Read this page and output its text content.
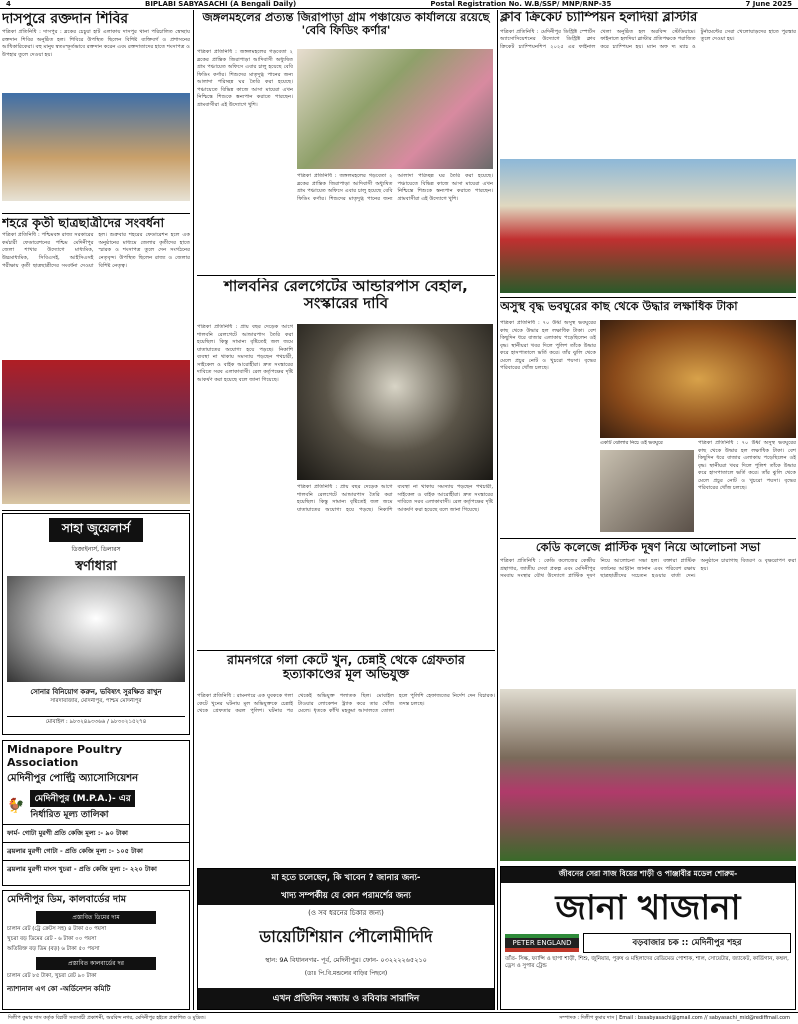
4	BIPLABI SABYASACHI (A Bengali Daily)	Postal Registration No. W.B/SSP/ MNP/RNP-35	7 June 2025
দাসপুরে রক্তদান শিবির
পত্রিকা প্রতিনিধি : দাসপুর : ব্লকের চেচুয়া হাট এলাকায় দাসপুর থানা পরিচালিত স্বেচ্ছায় রক্তদান শিবির অনুষ্ঠিত হল। শিবিরে উপস্থিত ছিলেন বিশিষ্ট ব্যক্তিবর্গ ও প্রশাসনের আধিকারিকেরা। বহু মানুষ স্বতঃস্ফূর্তভাবে রক্তদান করেন এবং রক্তদাতাদের হাতে শংসাপত্র ও উপহার তুলে দেওয়া হয়।
শহরে কৃতী ছাত্রছাত্রীদের সংবর্ধনা
পত্রিকা প্রতিনিধি : পশ্চিমবঙ্গ রাজ্য সরকারের কর্মচারী ফেডারেশনের পশ্চিম মেদিনীপুর জেলা শাখার উদ্যোগে মাধ্যমিক, উচ্চমাধ্যমিক, সিবিএসই, আইসিএসই পরীক্ষায় কৃতী ছাত্রছাত্রীদের সংবর্ধনা দেওয়া হল। শুক্রবার শহরের ফেডারেশন হলে এক অনুষ্ঠানের মাধ্যমে জেলার কৃতীদের হাতে স্মারক ও শংসাপত্র তুলে দেন সংগঠনের নেতৃবৃন্দ। উপস্থিত ছিলেন রাজ্য ও জেলার বিশিষ্ট নেতৃত্ব।
সাহা জুয়েলার্স
ডিজাইনার্স, ডিলারস
স্বর্ণাধারা
সোনার বিনিয়োগ করুন, ভবিষ্যৎ সুরক্ষিত রাখুন
সারদাবাজার, মেদিনীপুর, পশ্চিম মেদিনীপুর
মোবাইল : ৯৮৩২৪৯৩৩৬৬ / ৯৮৩০২১৫২৭৪
Midnapore Poultry Association
মেদিনীপুর পোল্ট্রি অ্যাসোসিয়েশন
🐓	মেদিনীপুর (M.P.A.)- এর
নির্ধারিত মূল্য তালিকা
ফার্ম- গোটা মুরগী প্রতি কেজি মূল্য :- ৯০ টাকা
ব্রয়লার মুরগী গোটা - প্রতি কেজি মূল্য :- ১০৫ টাকা
ব্রয়লার মুরগী মাংস খুচরা - প্রতি কেজি মূল্য :- ২২০ টাকা
মেদিনীপুর ডিম, কালবার্ডের দাম
প্রস্তাবিত ডিমের দাম
চালান রেট (ট্রে ক্রেটস সহ) ৪ টাকা ৫০ পয়সা
খুচরা বড় ডিমের রেট - ৬ টাকা ০০ পয়সা
অতিরিক্ত বড় ডিম (বড়) ৬ টাকা ৫০ পয়সা
প্রস্তাবিত কালবার্ডের দর
চালান রেট ৮৫ টাকা, খুচরা রেট ৯০ টাকা
ন্যাশানাল এগ কো -অর্ডিনেশন কমিটি
জঙ্গলমহলের প্রত্যন্ত জিরাপাড়া গ্রাম পঞ্চায়েত কার্যালয়ে রয়েছে 'বেবি ফিডিং কর্ণার'
পত্রিকা প্রতিনিধি : জঙ্গলমহলের গড়বেতা ২ ব্লকের প্রান্তিক জিরাপাড়া আদিবাসী অধ্যুষিত গ্রাম পঞ্চায়েত অফিসে এবার চালু হয়েছে বেবি ফিডিং কর্ণার। শিশুদের মাতৃদুগ্ধ পানের জন্য আলাদা পরিচ্ছন্ন ঘর তৈরি করা হয়েছে। পঞ্চায়েতে বিভিন্ন কাজে আসা মায়েরা এখন নিশ্চিন্তে শিশুকে স্তন্যপান করাতে পারছেন। গ্রামবাসীরা এই উদ্যোগে খুশি।
পত্রিকা প্রতিনিধি : জঙ্গলমহলের গড়বেতা ২ ব্লকের প্রান্তিক জিরাপাড়া আদিবাসী অধ্যুষিত গ্রাম পঞ্চায়েত অফিসে এবার চালু হয়েছে বেবি ফিডিং কর্ণার। শিশুদের মাতৃদুগ্ধ পানের জন্য আলাদা পরিচ্ছন্ন ঘর তৈরি করা হয়েছে। পঞ্চায়েতে বিভিন্ন কাজে আসা মায়েরা এখন নিশ্চিন্তে শিশুকে স্তন্যপান করাতে পারছেন। গ্রামবাসীরা এই উদ্যোগে খুশি।
শালবনির রেলগেটের আন্ডারপাস বেহাল, সংস্কারের দাবি
পত্রিকা প্রতিনিধি : প্রায় বছর দেড়েক আগে শালবনি রেলগেটে আন্ডারপাস তৈরি করা হয়েছিল। কিন্তু সামান্য বৃষ্টিতেই জল জমে যাতায়াতের অযোগ্য হয়ে পড়ছে। নিকাশি ব্যবস্থা না থাকায় সমস্যায় পড়ছেন পথচারী, সাইকেল ও বাইক আরোহীরা। দ্রুত সংস্কারের দাবিতে সরব এলাকাবাসী। রেল কর্তৃপক্ষের দৃষ্টি আকর্ষণ করা হয়েছে বলে জানা গিয়েছে।
পত্রিকা প্রতিনিধি : প্রায় বছর দেড়েক আগে শালবনি রেলগেটে আন্ডারপাস তৈরি করা হয়েছিল। কিন্তু সামান্য বৃষ্টিতেই জল জমে যাতায়াতের অযোগ্য হয়ে পড়ছে। নিকাশি ব্যবস্থা না থাকায় সমস্যায় পড়ছেন পথচারী, সাইকেল ও বাইক আরোহীরা। দ্রুত সংস্কারের দাবিতে সরব এলাকাবাসী। রেল কর্তৃপক্ষের দৃষ্টি আকর্ষণ করা হয়েছে বলে জানা গিয়েছে।
রামনগরে গলা কেটে খুন, চেন্নাই থেকে গ্রেফতার হত্যাকাণ্ডের মূল অভিযুক্ত
পত্রিকা প্রতিনিধি : রামনগরে এক যুবককে গলা কেটে খুনের ঘটনায় মূল অভিযুক্তকে চেন্নাই থেকে গ্রেফতার করল পুলিশ। ঘটনার পর থেকেই অভিযুক্ত পলাতক ছিল। মোবাইল টাওয়ার লোকেশন ট্র্যাক করে তার খোঁজ মেলে। ধৃতকে কাঁথি মহকুমা আদালতে তোলা হলে পুলিশি হেফাজতের নির্দেশ দেন বিচারক। তদন্ত চলছে।
মা হতে চলেছেন, কি খাবেন ? জানার জন্য-
খাদ্য সম্পর্কীয় যে কোন পরামর্শের জন্য
(ও সব ধরনের চিকার জন্য)
ডায়েটিশিয়ান পৌলোমীদিদি
স্থান: 9A বিধাননগর- পূর্ব, মেদিনীপুর। ফোন- ০৩২২২২৬৫২১০
(ডাঃ পি.বি.মন্ডলের বাড়ির পিছনে)
এখন প্রতিদিন সন্ধ্যায় ও রবিবার সারাদিন
ক্লাব ক্রিকেট চ্যাম্পিয়ন হলদিয়া ব্লাস্টার
পত্রিকা প্রতিনিধি : মেদিনীপুর ডিস্ট্রিক্ট স্পোর্টস অ্যাসোসিয়েশনের উদ্যোগে ডিস্ট্রিক্ট ক্লাব ক্রিকেট চ্যাম্পিয়নশিপ ২০২৫ এর ফাইনাল খেলা অনুষ্ঠিত হল অরবিন্দ স্টেডিয়ামে। ফাইনালে হলদিয়া ব্লাস্টার প্রতিপক্ষকে পরাজিত করে চ্যাম্পিয়ন হয়। ম্যান অফ দ্য ম্যাচ ও টুর্নামেন্টের সেরা খেলোয়াড়দের হাতে পুরস্কার তুলে দেওয়া হয়।
অসুস্থ বৃদ্ধ ভবঘুরের কাছ থেকে উদ্ধার লক্ষাধিক টাকা
পত্রিকা প্রতিনিধি : ৭০ উর্ধ্ব অসুস্থ ভবঘুরের কাছ থেকে উদ্ধার হল লক্ষাধিক টাকা। বেশ কিছুদিন ধরে বাজার এলাকায় পড়েছিলেন ওই বৃদ্ধ। স্থানীয়রা খবর দিলে পুলিশ তাঁকে উদ্ধার করে হাসপাতালে ভর্তি করে। তাঁর ঝুলি থেকে মেলে প্রচুর নোট ও খুচরো পয়সা। বৃদ্ধের পরিবারের খোঁজ চলছে।
একটি ঝোলার নিচে ওই ভবঘুরে	পত্রিকা প্রতিনিধি : ৭০ উর্ধ্ব অসুস্থ ভবঘুরের কাছ থেকে উদ্ধার হল লক্ষাধিক টাকা। বেশ কিছুদিন ধরে বাজার এলাকায় পড়েছিলেন ওই বৃদ্ধ। স্থানীয়রা খবর দিলে পুলিশ তাঁকে উদ্ধার করে হাসপাতালে ভর্তি করে। তাঁর ঝুলি থেকে মেলে প্রচুর নোট ও খুচরো পয়সা। বৃদ্ধের পরিবারের খোঁজ চলছে।
কেডি কলেজে প্লাস্টিক দূষণ নিয়ে আলোচনা সভা
পত্রিকা প্রতিনিধি : কেডি কলেজের কেন্দ্রীয় গ্রন্থাগার, জাতীয় সেবা প্রকল্প এবং মেদিনীপুর সমবায় সংস্থার যৌথ উদ্যোগে প্লাস্টিক দূষণ নিয়ে আলোচনা সভা হল। বক্তারা প্লাস্টিক বর্জনের আহ্বান জানান এবং পরিবেশ রক্ষায় ছাত্রছাত্রীদের সচেতন হওয়ার বার্তা দেন। অনুষ্ঠানে চারাগাছ বিতরণ ও বৃক্ষরোপণ করা হয়।
জীবনের সেরা সাজ বিয়ের শাড়ী ও পাঞ্জাবীর মডেল শোরুম-
জানা খাজানা
PETER ENGLAND	বড়বাজার চক :: মেদিনীপুর শহর
তাঁত- সিল্ক, ফ্যান্সি ও ছাপা শাড়ী, শিশু, জুনিয়ার, পুরুষ ও মহিলাদের রেডিমেড পোশাক, শাল, সোয়েটার, জ্যাকেট, কার্ডিগান, কম্বল, ড্রেস ও সুপার ট্রেন্ড
দিলীপ কুমার দাস কর্তৃক বিপ্লবী সব্যসাচী প্রকাশনী, অরবিন্দ নগর, মেদিনীপুর হইতে প্রকাশিত ও মুদ্রিত।	সম্পাদক : দিলীপ কুমার দাস | Email : bssabyasachi@gmail.com // sabyasachi_mid@rediffmail.com
